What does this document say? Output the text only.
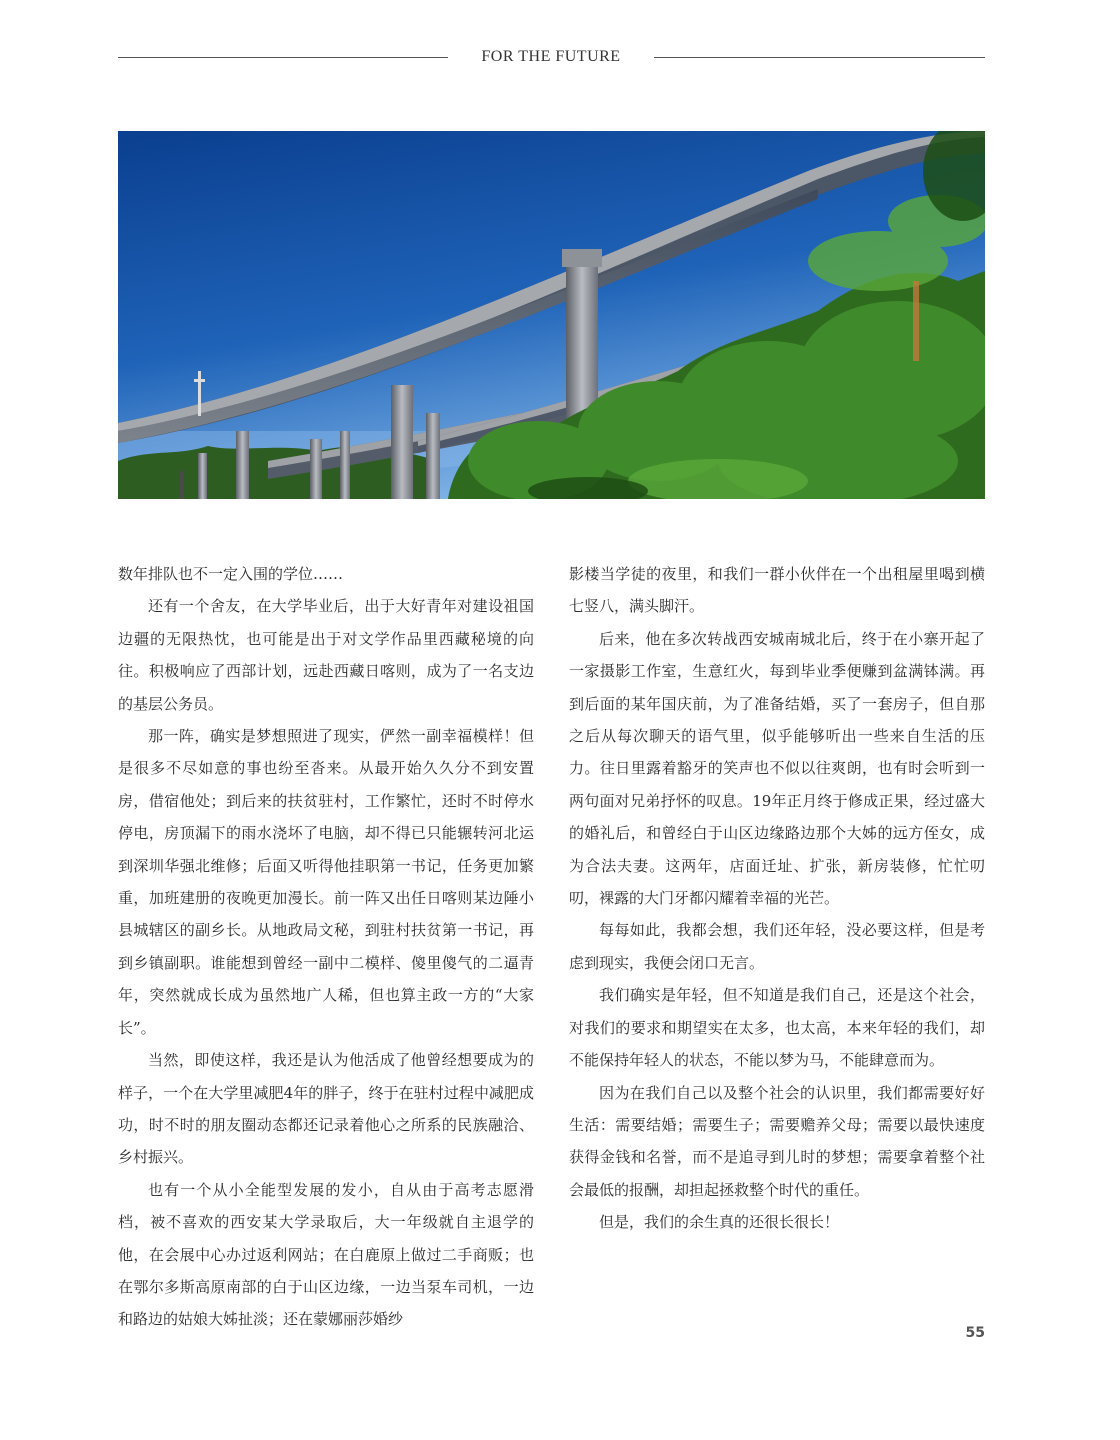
FOR THE FUTURE

数年排队也不一定入围的学位……

还有一个舍友，在大学毕业后，出于大好青年对建设祖国边疆的无限热忱，也可能是出于对文学作品里西藏秘境的向往。积极响应了西部计划，远赴西藏日喀则，成为了一名支边的基层公务员。

那一阵，确实是梦想照进了现实，俨然一副幸福模样！但是很多不尽如意的事也纷至沓来。从最开始久久分不到安置房，借宿他处；到后来的扶贫驻村，工作繁忙，还时不时停水停电，房顶漏下的雨水浇坏了电脑，却不得已只能辗转河北运到深圳华强北维修；后面又听得他挂职第一书记，任务更加繁重，加班建册的夜晚更加漫长。前一阵又出任日喀则某边陲小县城辖区的副乡长。从地政局文秘，到驻村扶贫第一书记，再到乡镇副职。谁能想到曾经一副中二模样、傻里傻气的二逼青年，突然就成长成为虽然地广人稀，但也算主政一方的“大家长”。

当然，即使这样，我还是认为他活成了他曾经想要成为的样子，一个在大学里减肥4年的胖子，终于在驻村过程中减肥成功，时不时的朋友圈动态都还记录着他心之所系的民族融洽、乡村振兴。

也有一个从小全能型发展的发小，自从由于高考志愿滑档，被不喜欢的西安某大学录取后，大一年级就自主退学的他，在会展中心办过返利网站；在白鹿原上做过二手商贩；也在鄂尔多斯高原南部的白于山区边缘，一边当泵车司机，一边和路边的姑娘大姊扯淡；还在蒙娜丽莎婚纱

影楼当学徒的夜里，和我们一群小伙伴在一个出租屋里喝到横七竖八，满头脚汗。

后来，他在多次转战西安城南城北后，终于在小寨开起了一家摄影工作室，生意红火，每到毕业季便赚到盆满钵满。再到后面的某年国庆前，为了准备结婚，买了一套房子，但自那之后从每次聊天的语气里，似乎能够听出一些来自生活的压力。往日里露着豁牙的笑声也不似以往爽朗，也有时会听到一两句面对兄弟抒怀的叹息。19年正月终于修成正果，经过盛大的婚礼后，和曾经白于山区边缘路边那个大姊的远方侄女，成为合法夫妻。这两年，店面迁址、扩张，新房装修，忙忙叨叨，裸露的大门牙都闪耀着幸福的光芒。

每每如此，我都会想，我们还年轻，没必要这样，但是考虑到现实，我便会闭口无言。

我们确实是年轻，但不知道是我们自己，还是这个社会，对我们的要求和期望实在太多，也太高，本来年轻的我们，却不能保持年轻人的状态，不能以梦为马，不能肆意而为。

因为在我们自己以及整个社会的认识里，我们都需要好好生活：需要结婚；需要生子；需要赡养父母；需要以最快速度获得金钱和名誉，而不是追寻到儿时的梦想；需要拿着整个社会最低的报酬，却担起拯救整个时代的重任。

但是，我们的余生真的还很长很长！

55
